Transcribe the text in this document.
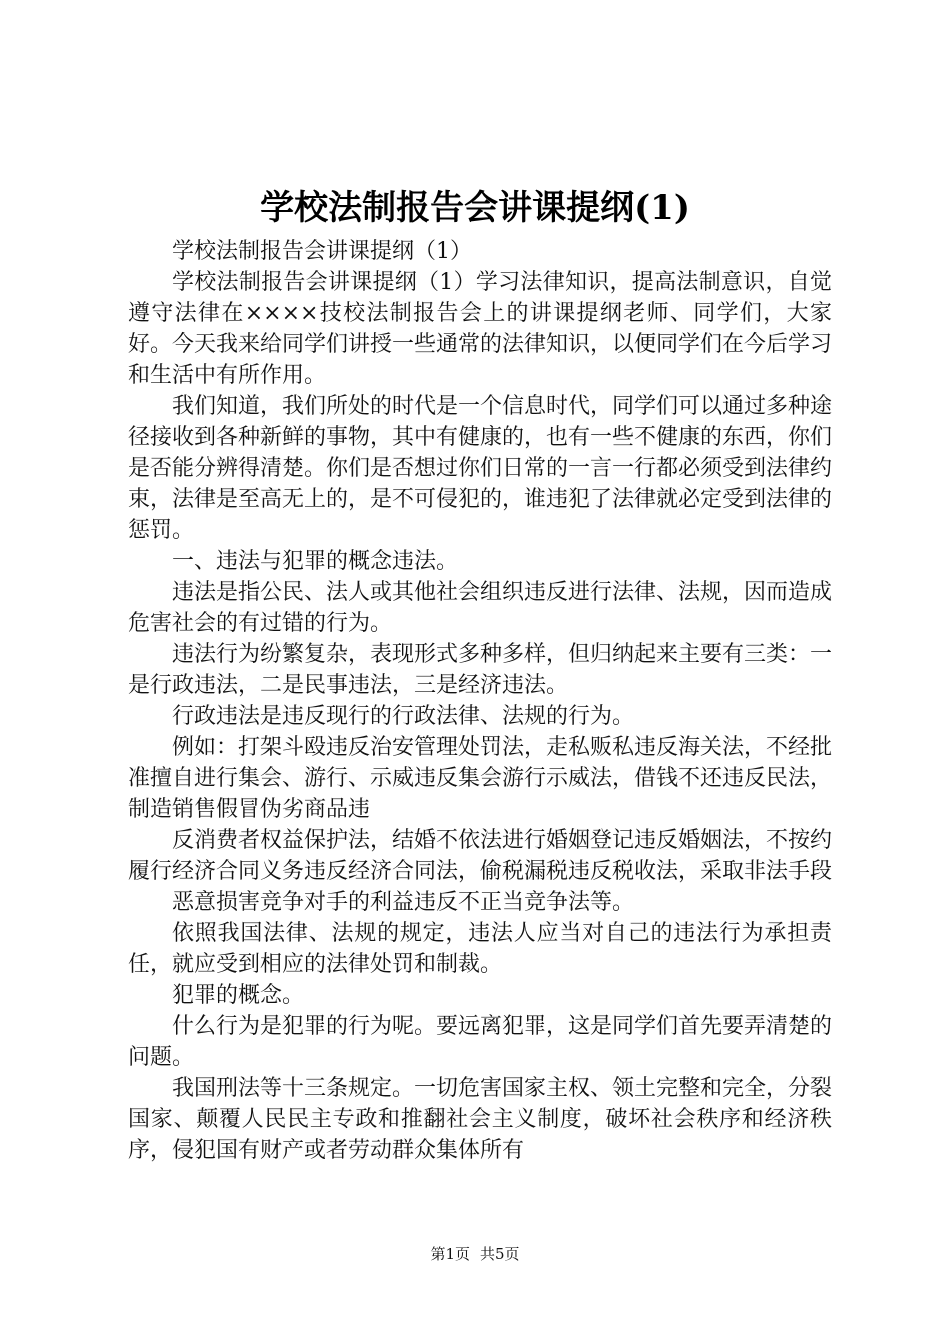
学校法制报告会讲课提纲(1)

学校法制报告会讲课提纲（1）

学校法制报告会讲课提纲（1）学习法律知识，提高法制意识，自觉遵守法律在××××技校法制报告会上的讲课提纲老师、同学们，大家好。今天我来给同学们讲授一些通常的法律知识，以便同学们在今后学习和生活中有所作用。

我们知道，我们所处的时代是一个信息时代，同学们可以通过多种途径接收到各种新鲜的事物，其中有健康的，也有一些不健康的东西，你们是否能分辨得清楚。你们是否想过你们日常的一言一行都必须受到法律约束，法律是至高无上的，是不可侵犯的，谁违犯了法律就必定受到法律的惩罚。

一、违法与犯罪的概念违法。

违法是指公民、法人或其他社会组织违反进行法律、法规，因而造成危害社会的有过错的行为。

违法行为纷繁复杂，表现形式多种多样，但归纳起来主要有三类：一是行政违法，二是民事违法，三是经济违法。

行政违法是违反现行的行政法律、法规的行为。

例如：打架斗殴违反治安管理处罚法，走私贩私违反海关法，不经批准擅自进行集会、游行、示威违反集会游行示威法，借钱不还违反民法，制造销售假冒伪劣商品违

反消费者权益保护法，结婚不依法进行婚姻登记违反婚姻法，不按约履行经济合同义务违反经济合同法，偷税漏税违反税收法，采取非法手段

恶意损害竞争对手的利益违反不正当竞争法等。

依照我国法律、法规的规定，违法人应当对自己的违法行为承担责任，就应受到相应的法律处罚和制裁。

犯罪的概念。

什么行为是犯罪的行为呢。要远离犯罪，这是同学们首先要弄清楚的问题。

我国刑法等十三条规定。一切危害国家主权、领土完整和完全，分裂国家、颠覆人民民主专政和推翻社会主义制度，破坏社会秩序和经济秩序，侵犯国有财产或者劳动群众集体所有

第1页 共5页
